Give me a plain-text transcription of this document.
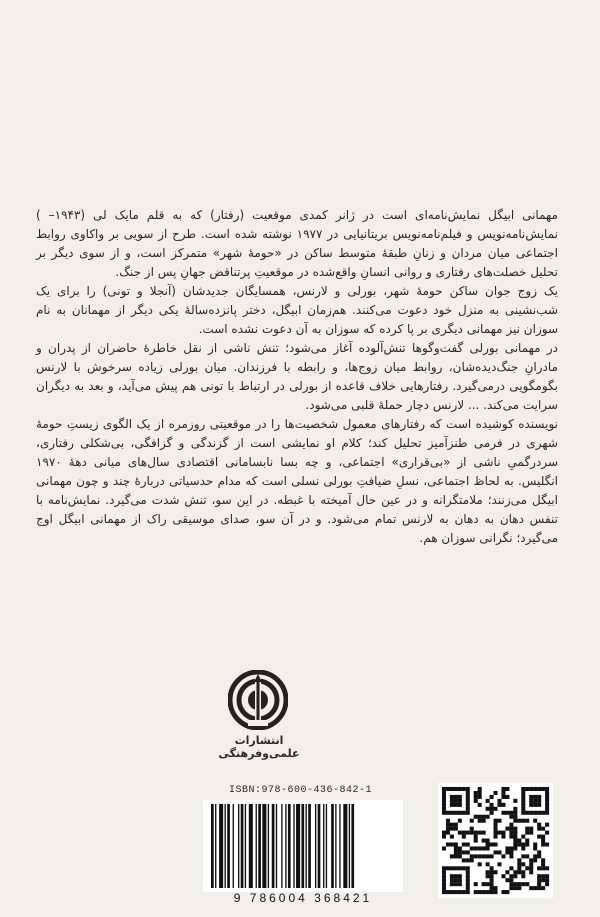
مهمانی ابیگل نمایش‌نامه‌ای است در ژانر کمدی موقعیت (رفتار) که به قلم مایک لی (۱۹۴۳– ) نمایش‌نامه‌نویس و فیلم‌نامه‌نویس بریتانیایی در ۱۹۷۷ نوشته شده است. طرح از سویی بر واکاوی روابط اجتماعی میان مردان و زنانِ طبقهٔ متوسط ساکن در «حومهٔ شهر» متمرکز است، و از سوی دیگر بر تحلیل خصلت‌های رفتاری و روانی انسانِ واقع‌شده در موقعیتِ پرتناقض جهانِ پس از جنگ.

یک زوج جوان ساکن حومهٔ شهر، بورلی و لارنس، همسایگان جدیدشان (آنجلا و تونی) را برای یک شب‌نشینی به منزل خود دعوت می‌کنند. هم‌زمان ابیگل، دختر پانزده‌سالهٔ یکی دیگر از مهمانان به نام سوزان نیز مهمانی دیگری بر پا کرده که سوزان به آن دعوت نشده است.

در مهمانی بورلی گفت‌وگوها تنش‌آلوده آغاز می‌شود؛ تنش ناشی از نقل خاطرهٔ حاضران از پدران و مادرانِ جنگ‌دیده‌شان، روابط میان زوج‌ها، و رابطه با فرزندان. میان بورلی زیاده سرخوش با لارنس بگومگویی درمی‌گیرد. رفتارهایی خلاف قاعده از بورلی در ارتباط با تونی هم پیش می‌آید، و بعد به دیگران سرایت می‌کند. ... لارنس دچار حملهٔ قلبی می‌شود.

نویسنده کوشیده است که رفتارهای معمول شخصیت‌ها را در موقعیتی روزمره از یک الگوی زیستِ حومهٔ شهری در فرمی طنزآمیز تحلیل کند؛ کلام او نمایشی است از گزندگی و گزافگی، بی‌شکلی رفتاری، سردرگمیِ ناشی از «بی‌قراری» اجتماعی، و چه بسا نابسامانی اقتصادی سال‌های میانی دههٔ ۱۹۷۰ انگلیس. به لحاظ اجتماعی، نسلِ ضیافتِ بورلی نسلی است که مدام حدسیاتی دربارهٔ چند و چون مهمانی ابیگل می‌زنند؛ ملامتگرانه و در عین حال آمیخته با غبطه. در این سو، تنش شدت می‌گیرد. نمایش‌نامه با تنفس دهان به دهان به لارنس تمام می‌شود. و در آن سو، صدای موسیقی راک از مهمانی ابیگل اوج می‌گیرد؛ نگرانی سوزان هم.

انتشارات علمی‌وفرهنگی
ISBN:978-600-436-842-1
9 786004 368421
